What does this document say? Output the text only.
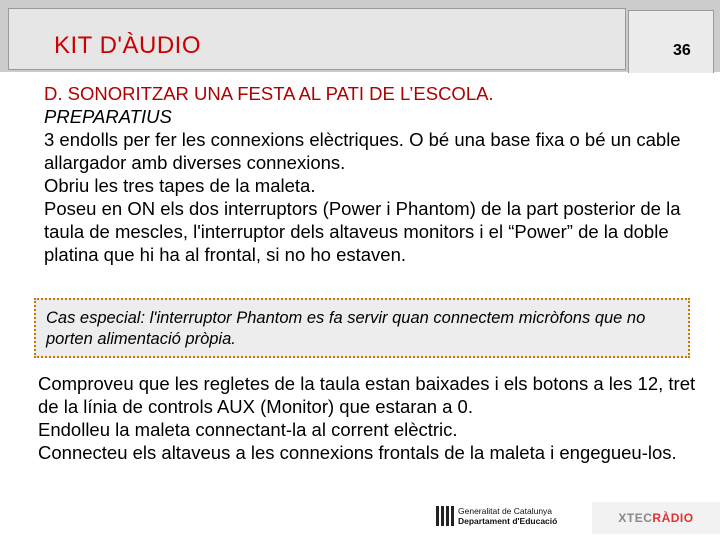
KIT D'ÀUDIO	36
D. SONORITZAR UNA FESTA AL PATI DE L’ESCOLA.
PREPARATIUS
3 endolls per fer les connexions elèctriques. O bé una base fixa o bé un cable allargador amb diverses connexions.
Obriu les tres tapes de la maleta.
Poseu en ON els dos interruptors (Power i Phantom) de la part posterior de la taula de mescles, l'interruptor dels altaveus monitors i el “Power” de la doble platina que hi ha al frontal, si no ho estaven.
Cas especial: l'interruptor Phantom es fa servir quan connectem micròfons que no porten alimentació pròpia.
Comproveu que les regletes de la taula estan baixades i els botons a les 12, tret de la línia de controls AUX (Monitor) que estaran a 0.
Endolleu la maleta connectant-la al corrent elèctric.
Connecteu els altaveus a les connexions frontals de la maleta i engegueu-los.
Generalitat de Catalunya
Departament d'Educació	XTEC RÀDIO
